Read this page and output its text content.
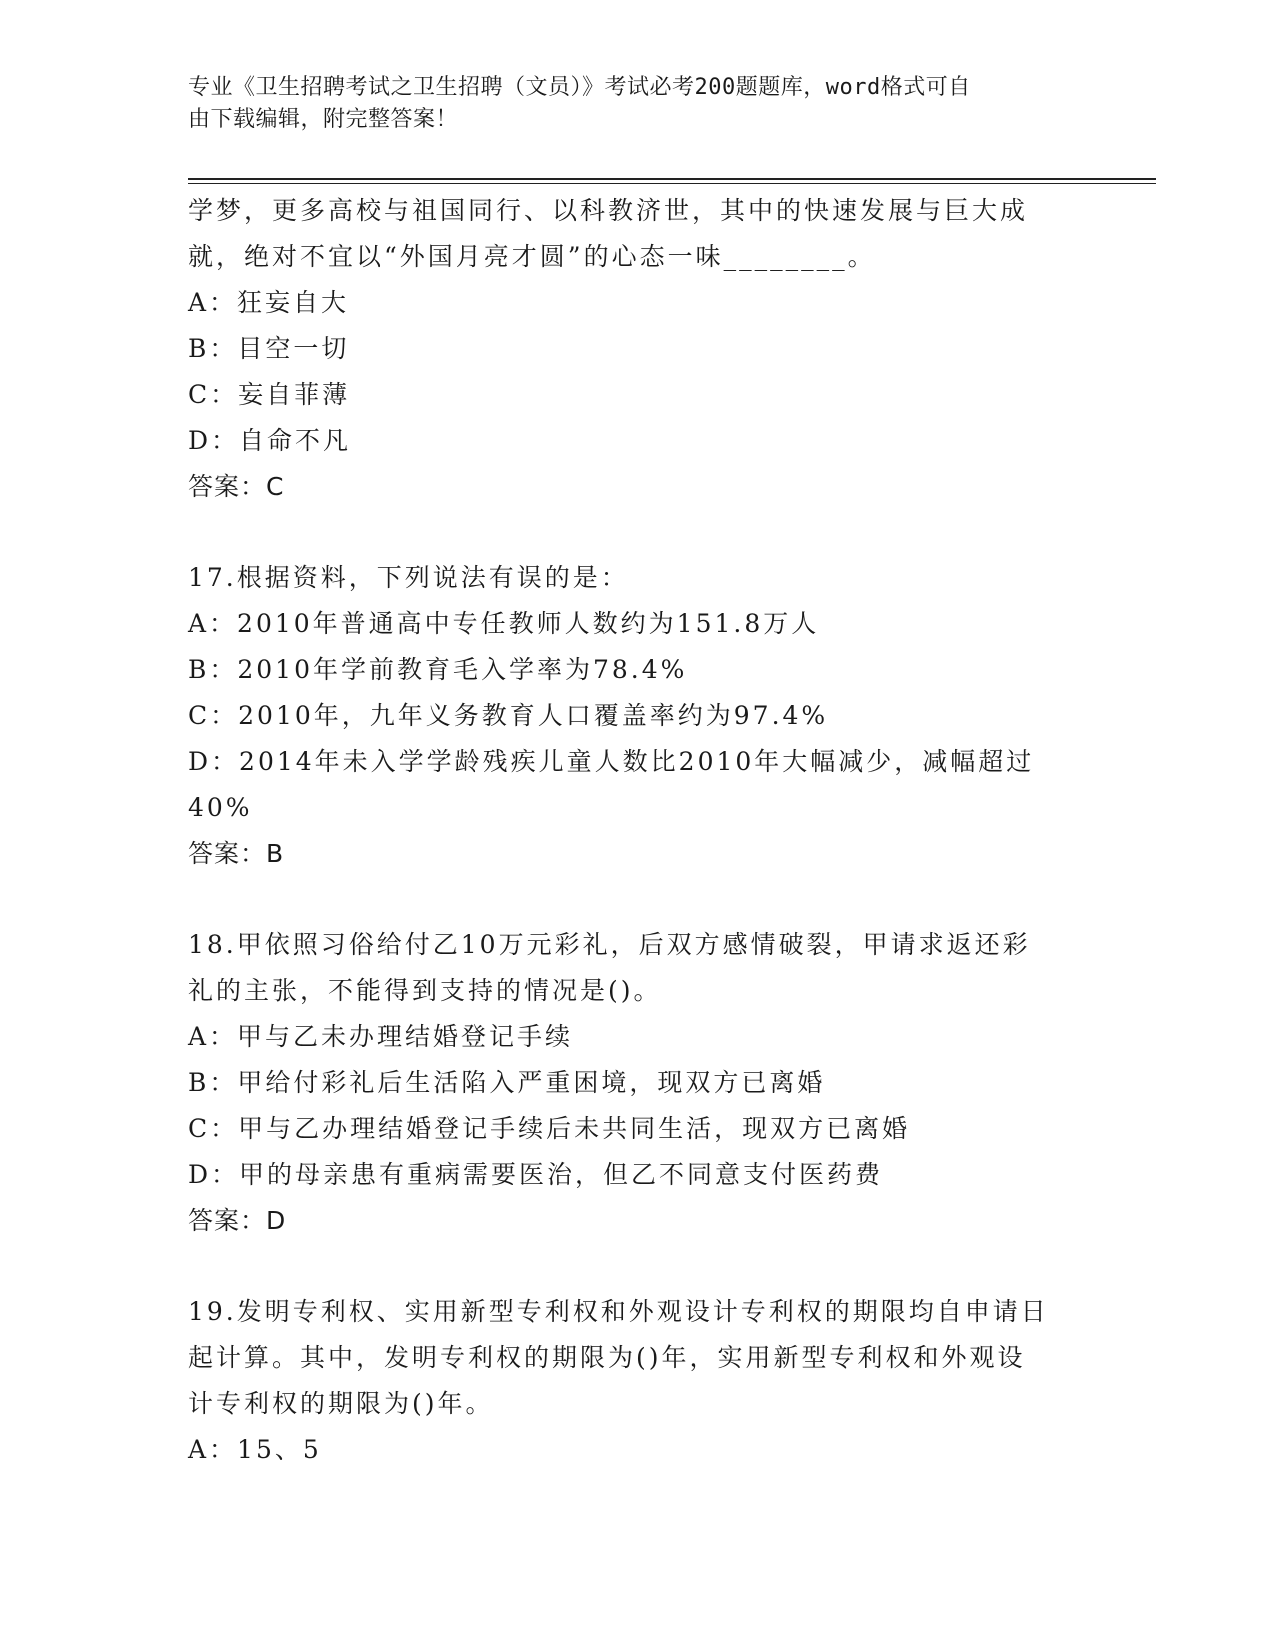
专业《卫生招聘考试之卫生招聘（文员）》考试必考200题题库，word格式可自
由下载编辑，附完整答案！
学梦，更多高校与祖国同行、以科教济世，其中的快速发展与巨大成
就，绝对不宜以“外国月亮才圆”的心态一味________。
A：狂妄自大
B：目空一切
C：妄自菲薄
D：自命不凡
答案：C
17.根据资料，下列说法有误的是：
A：2010年普通高中专任教师人数约为151.8万人
B：2010年学前教育毛入学率为78.4%
C：2010年，九年义务教育人口覆盖率约为97.4%
D：2014年未入学学龄残疾儿童人数比2010年大幅减少，减幅超过
40%
答案：B
18.甲依照习俗给付乙10万元彩礼，后双方感情破裂，甲请求返还彩
礼的主张，不能得到支持的情况是()。
A：甲与乙未办理结婚登记手续
B：甲给付彩礼后生活陷入严重困境，现双方已离婚
C：甲与乙办理结婚登记手续后未共同生活，现双方已离婚
D：甲的母亲患有重病需要医治，但乙不同意支付医药费
答案：D
19.发明专利权、实用新型专利权和外观设计专利权的期限均自申请日
起计算。其中，发明专利权的期限为()年，实用新型专利权和外观设
计专利权的期限为()年。
A：15、5
